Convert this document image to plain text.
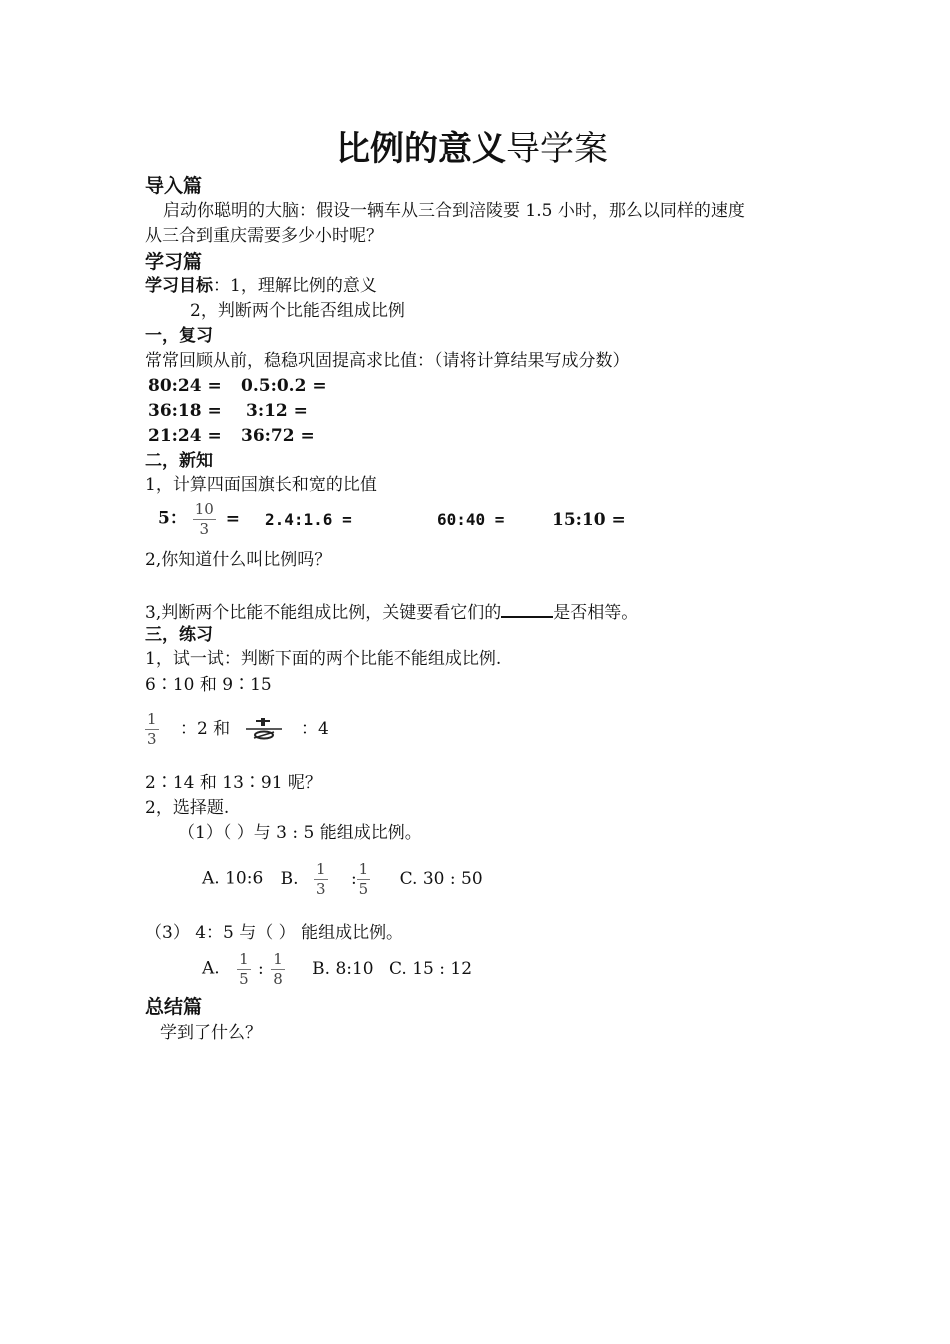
比例的意义导学案
导入篇
启动你聪明的大脑：假设一辆车从三合到涪陵要 1.5 小时，那么以同样的速度
从三合到重庆需要多少小时呢？
学习篇
学习目标：1，理解比例的意义
2，判断两个比能否组成比例
一，复习
常常回顾从前，稳稳巩固提高求比值：（请将计算结果写成分数）
80:24 = 0.5:0.2 =
36:18 = 3:12 =
21:24 = 36:72 =
二，新知
1，计算四面国旗长和宽的比值
5： $\frac{10}{3}$ = 2.4:1.6 =	60:40 =	15:10 =
2,你知道什么叫比例吗？
3,判断两个比能不能组成比例，关键要看它们的	是否相等。
三，练习
1，试一试：判断下面的两个比能不能组成比例.
6∶10 和 9∶15
$\frac{1}{3}$ ：2 和	：4
2∶14 和 13∶91 呢？
2，选择题.
（1）（ ）与 3 : 5 能组成比例。
A. 10:6 B. $\frac{1}{3}$ : $\frac{1}{5} C$. 30 : 50
（3） 4：5 与（ ） 能组成比例。
A. $\frac{1}{5}$ : $\frac{1}{8} B$. 8:10 C. 15 : 12
总结篇
学到了什么？
